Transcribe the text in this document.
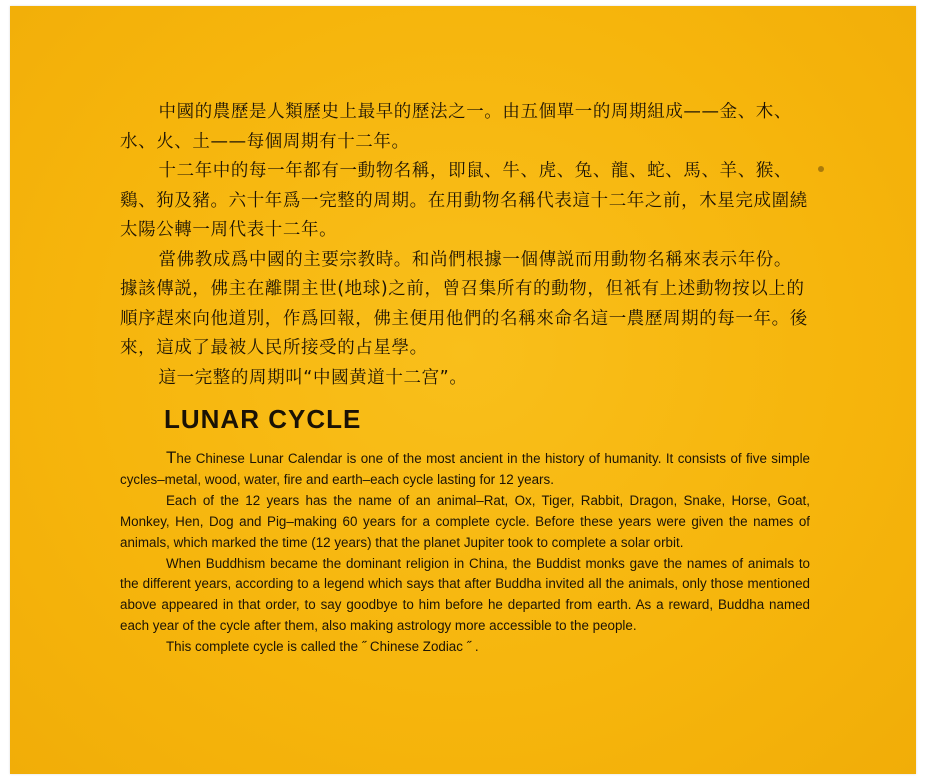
中國的農歷是人類歷史上最早的歷法之一。由五個單一的周期組成——金、木、水、火、土——每個周期有十二年。

十二年中的每一年都有一動物名稱，即鼠、牛、虎、兔、龍、蛇、馬、羊、猴、鷄、狗及豬。六十年爲一完整的周期。在用動物名稱代表這十二年之前，木星完成圍繞太陽公轉一周代表十二年。

當佛教成爲中國的主要宗教時。和尚們根據一個傳説而用動物名稱來表示年份。據該傳説，佛主在離開主世(地球)之前，曾召集所有的動物，但衹有上述動物按以上的順序趕來向他道別，作爲回報，佛主便用他們的名稱來命名這一農歷周期的每一年。後來，這成了最被人民所接受的占星學。

這一完整的周期叫“中國黄道十二宫”。

LUNAR CYCLE

The Chinese Lunar Calendar is one of the most ancient in the history of humanity. It consists of five simple cycles–metal, wood, water, fire and earth–each cycle lasting for 12 years.

Each of the 12 years has the name of an animal–Rat, Ox, Tiger, Rabbit, Dragon, Snake, Horse, Goat, Monkey, Hen, Dog and Pig–making 60 years for a complete cycle. Before these years were given the names of animals, which marked the time (12 years) that the planet Jupiter took to complete a solar orbit.

When Buddhism became the dominant religion in China, the Buddist monks gave the names of animals to the different years, according to a legend which says that after Buddha invited all the animals, only those mentioned above appeared in that order, to say goodbye to him before he departed from earth. As a reward, Buddha named each year of the cycle after them, also making astrology more accessible to the people.

This complete cycle is called the ˝ Chinese Zodiac ˝ .
